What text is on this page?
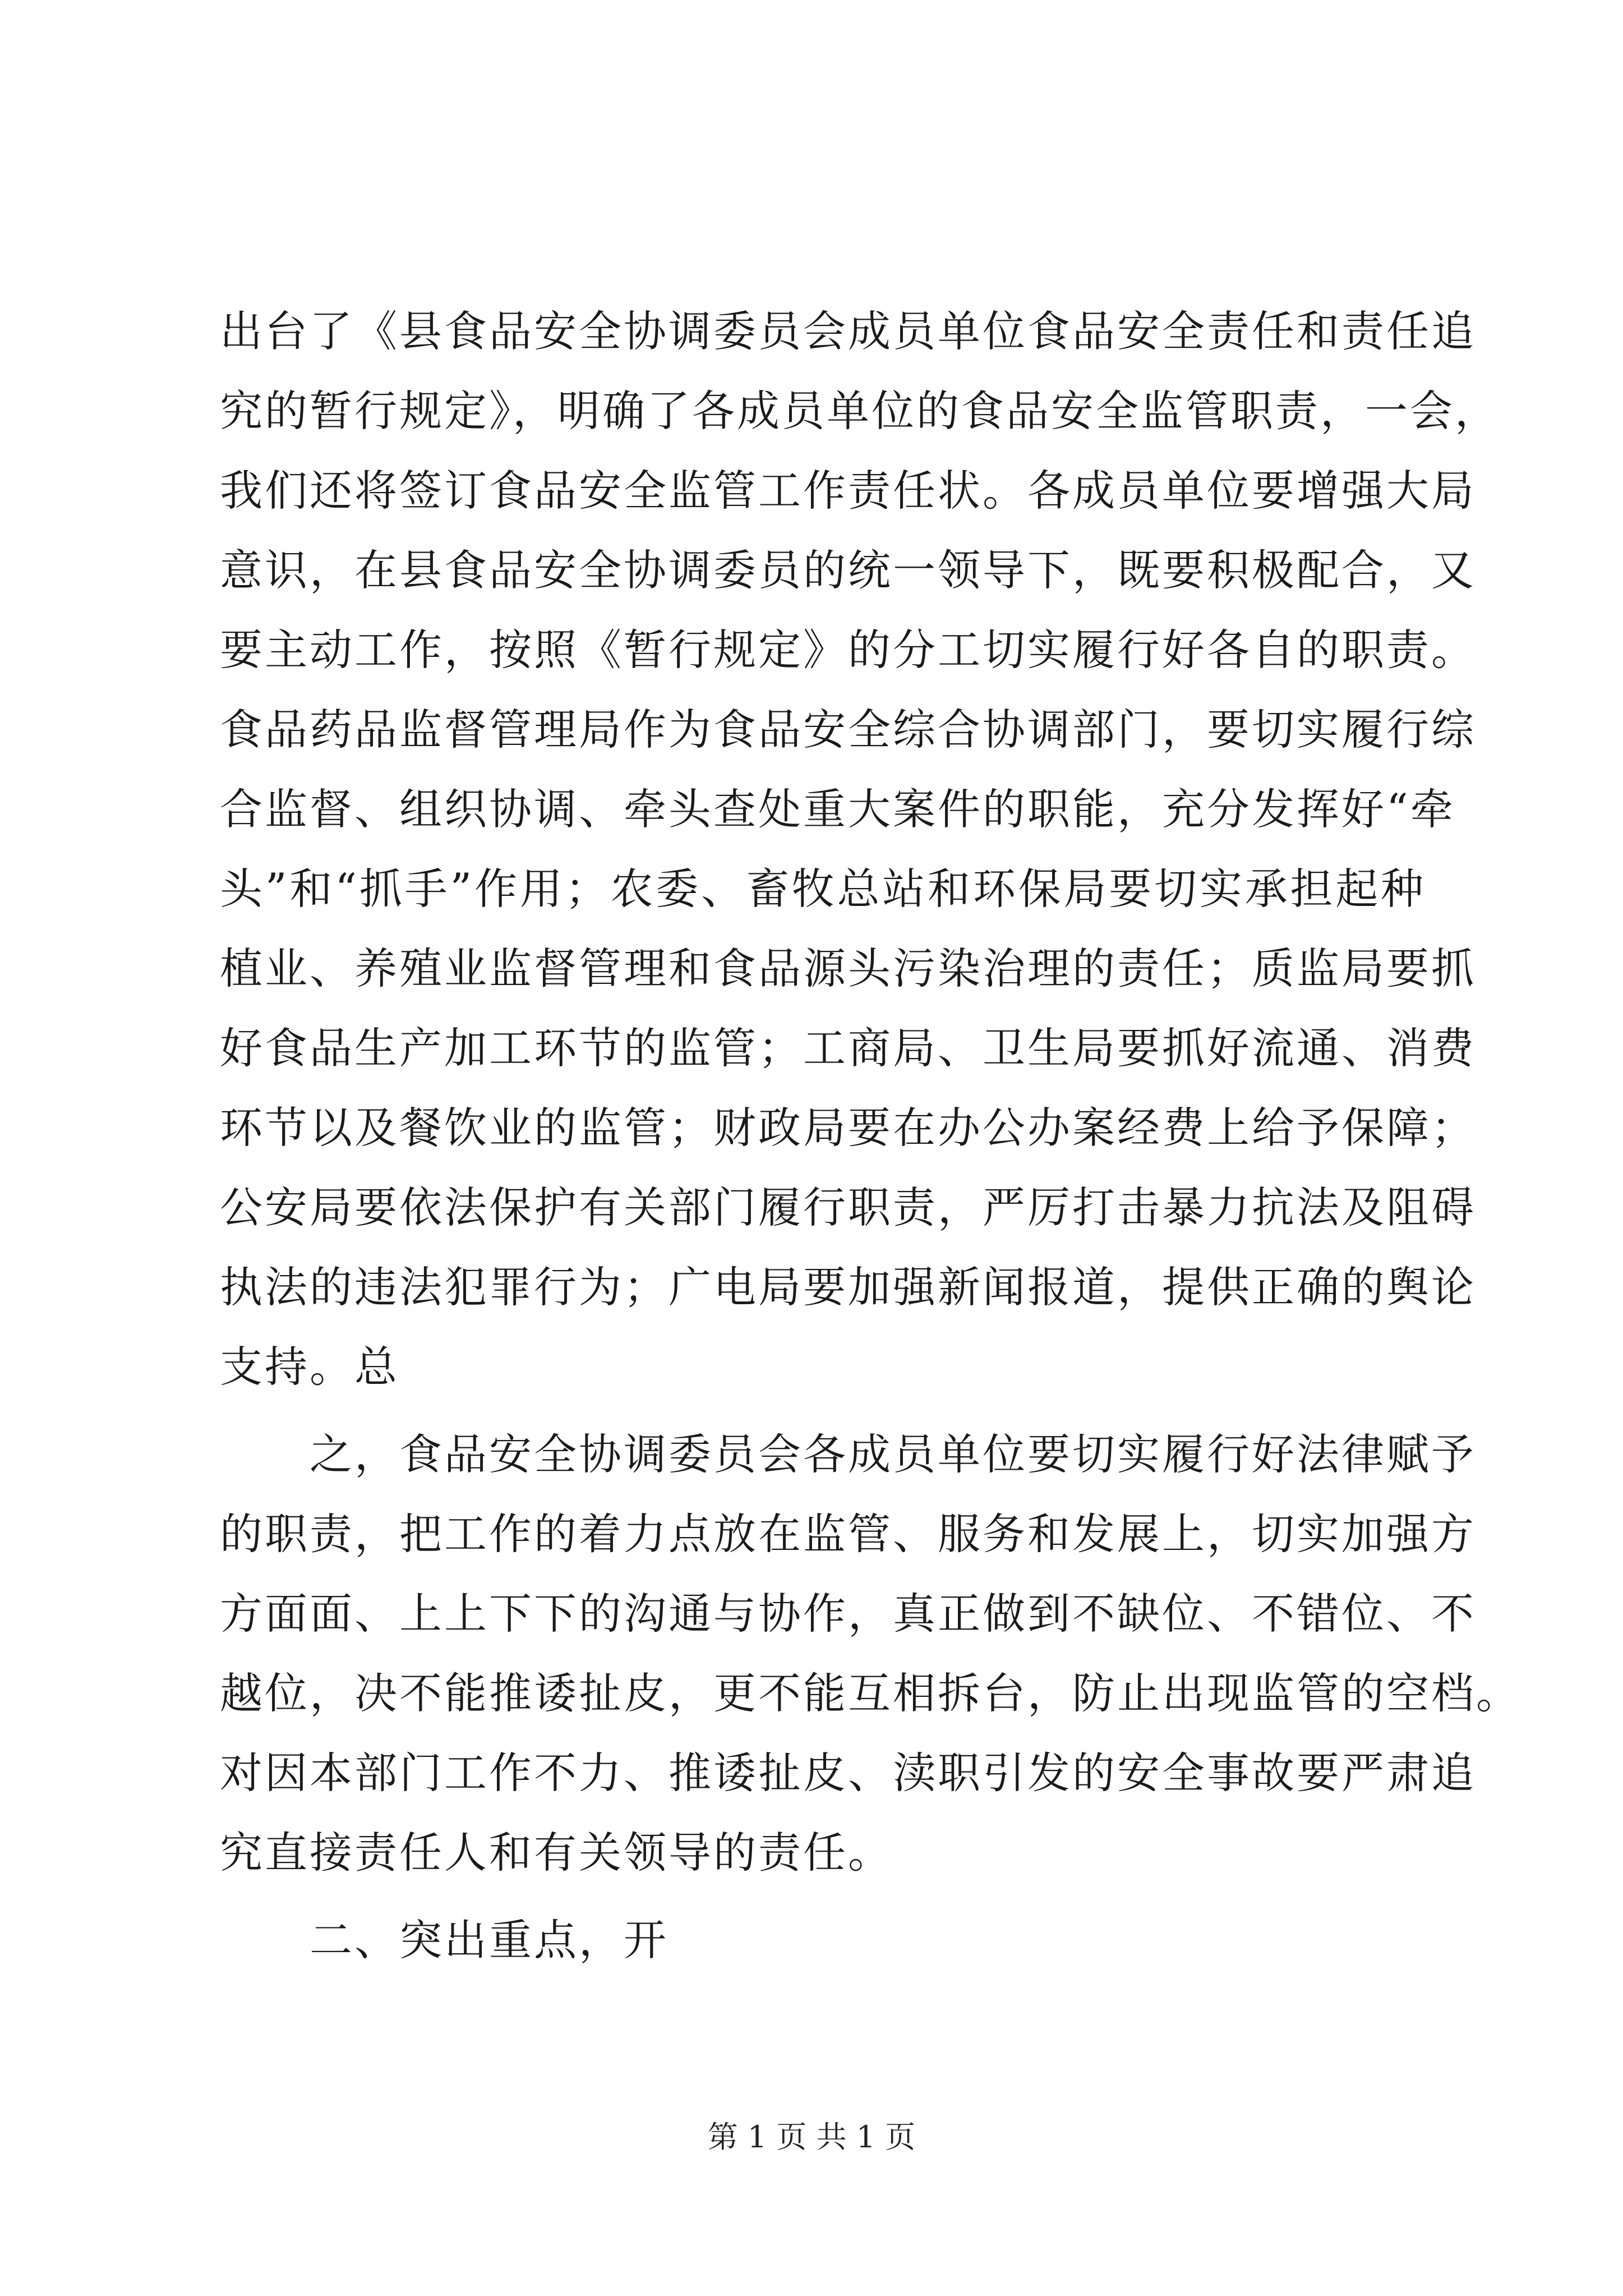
出台了《县食品安全协调委员会成员单位食品安全责任和责任追
究的暂行规定》，明确了各成员单位的食品安全监管职责，一会，
我们还将签订食品安全监管工作责任状。各成员单位要增强大局
意识，在县食品安全协调委员的统一领导下，既要积极配合，又
要主动工作，按照《暂行规定》的分工切实履行好各自的职责。
食品药品监督管理局作为食品安全综合协调部门，要切实履行综
合监督、组织协调、牵头查处重大案件的职能，充分发挥好“牵
头”和“抓手”作用；农委、畜牧总站和环保局要切实承担起种
植业、养殖业监督管理和食品源头污染治理的责任；质监局要抓
好食品生产加工环节的监管；工商局、卫生局要抓好流通、消费
环节以及餐饮业的监管；财政局要在办公办案经费上给予保障；
公安局要依法保护有关部门履行职责，严厉打击暴力抗法及阻碍
执法的违法犯罪行为；广电局要加强新闻报道，提供正确的舆论
支持。总
之，食品安全协调委员会各成员单位要切实履行好法律赋予
的职责，把工作的着力点放在监管、服务和发展上，切实加强方
方面面、上上下下的沟通与协作，真正做到不缺位、不错位、不
越位，决不能推诿扯皮，更不能互相拆台，防止出现监管的空档。
对因本部门工作不力、推诿扯皮、渎职引发的安全事故要严肃追
究直接责任人和有关领导的责任。
二、突出重点，开
第 1 页 共 1 页
